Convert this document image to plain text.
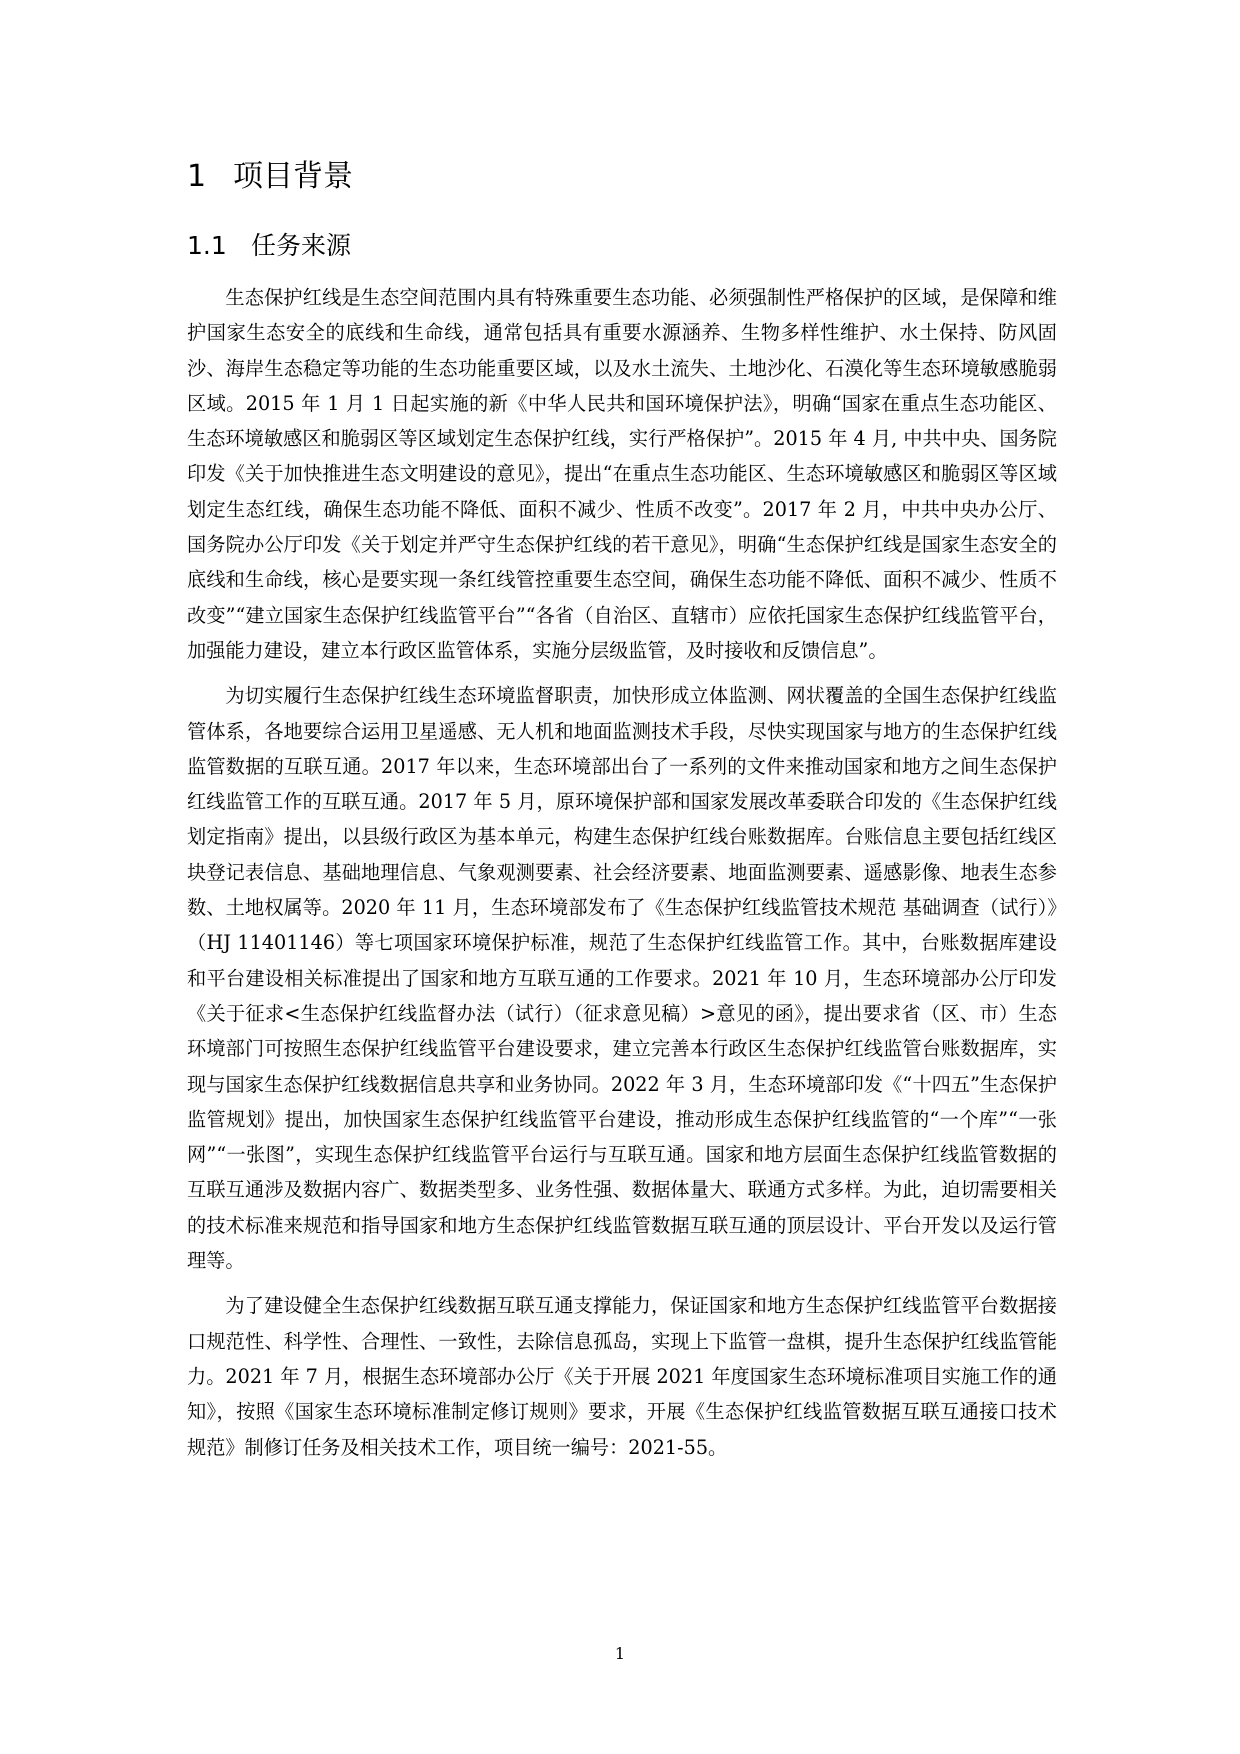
1 项目背景
1.1 任务来源

生态保护红线是生态空间范围内具有特殊重要生态功能、必须强制性严格保护的区域，是保障和维护国家生态安全的底线和生命线，通常包括具有重要水源涵养、生物多样性维护、水土保持、防风固沙、海岸生态稳定等功能的生态功能重要区域，以及水土流失、土地沙化、石漠化等生态环境敏感脆弱区域。2015 年 1 月 1 日起实施的新《中华人民共和国环境保护法》，明确“国家在重点生态功能区、生态环境敏感区和脆弱区等区域划定生态保护红线，实行严格保护”。2015 年 4 月, 中共中央、国务院印发《关于加快推进生态文明建设的意见》，提出“在重点生态功能区、生态环境敏感区和脆弱区等区域划定生态红线，确保生态功能不降低、面积不减少、性质不改变”。2017 年 2 月，中共中央办公厅、国务院办公厅印发《关于划定并严守生态保护红线的若干意见》，明确“生态保护红线是国家生态安全的底线和生命线，核心是要实现一条红线管控重要生态空间，确保生态功能不降低、面积不减少、性质不改变”“建立国家生态保护红线监管平台”“各省（自治区、直辖市）应依托国家生态保护红线监管平台，加强能力建设，建立本行政区监管体系，实施分层级监管，及时接收和反馈信息”。

为切实履行生态保护红线生态环境监督职责，加快形成立体监测、网状覆盖的全国生态保护红线监管体系，各地要综合运用卫星遥感、无人机和地面监测技术手段，尽快实现国家与地方的生态保护红线监管数据的互联互通。2017 年以来，生态环境部出台了一系列的文件来推动国家和地方之间生态保护红线监管工作的互联互通。2017 年 5 月，原环境保护部和国家发展改革委联合印发的《生态保护红线划定指南》提出，以县级行政区为基本单元，构建生态保护红线台账数据库。台账信息主要包括红线区块登记表信息、基础地理信息、气象观测要素、社会经济要素、地面监测要素、遥感影像、地表生态参数、土地权属等。2020 年 11 月，生态环境部发布了《生态保护红线监管技术规范 基础调查（试行）》（HJ 11401146）等七项国家环境保护标准，规范了生态保护红线监管工作。其中，台账数据库建设和平台建设相关标准提出了国家和地方互联互通的工作要求。2021 年 10 月，生态环境部办公厅印发《关于征求<生态保护红线监督办法（试行）（征求意见稿）>意见的函》，提出要求省（区、市）生态环境部门可按照生态保护红线监管平台建设要求，建立完善本行政区生态保护红线监管台账数据库，实现与国家生态保护红线数据信息共享和业务协同。2022 年 3 月，生态环境部印发《“十四五”生态保护监管规划》提出，加快国家生态保护红线监管平台建设，推动形成生态保护红线监管的“一个库”“一张网”“一张图”，实现生态保护红线监管平台运行与互联互通。国家和地方层面生态保护红线监管数据的互联互通涉及数据内容广、数据类型多、业务性强、数据体量大、联通方式多样。为此，迫切需要相关的技术标准来规范和指导国家和地方生态保护红线监管数据互联互通的顶层设计、平台开发以及运行管理等。

为了建设健全生态保护红线数据互联互通支撑能力，保证国家和地方生态保护红线监管平台数据接口规范性、科学性、合理性、一致性，去除信息孤岛，实现上下监管一盘棋，提升生态保护红线监管能力。2021 年 7 月，根据生态环境部办公厅《关于开展 2021 年度国家生态环境标准项目实施工作的通知》，按照《国家生态环境标准制定修订规则》要求，开展《生态保护红线监管数据互联互通接口技术规范》制修订任务及相关技术工作，项目统一编号：2021-55。

1
